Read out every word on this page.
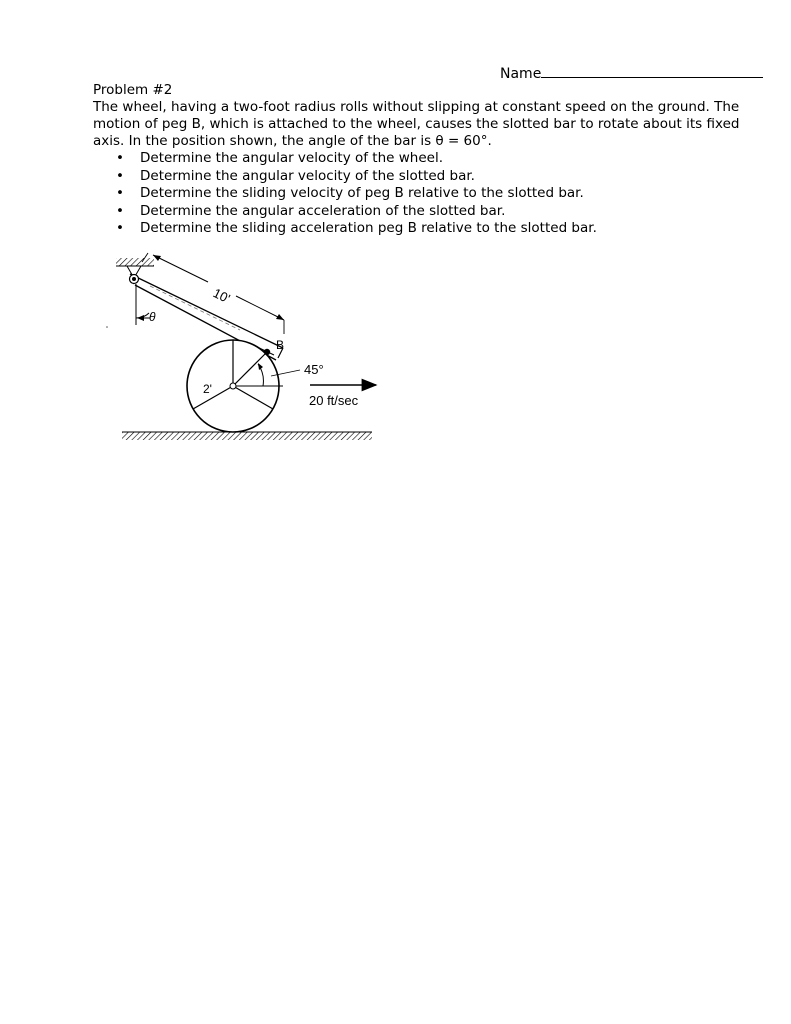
Name

Problem #2

The wheel, having a two-foot radius rolls without slipping at constant speed on the ground. The motion of peg B, which is attached to the wheel, causes the slotted bar to rotate about its fixed axis. In the position shown, the angle of the bar is θ = 60°.

• Determine the angular velocity of the wheel.
• Determine the angular velocity of the slotted bar.
• Determine the sliding velocity of peg B relative to the slotted bar.
• Determine the angular acceleration of the slotted bar.
• Determine the sliding acceleration peg B relative to the slotted bar.
θ
10'
2'
B
45°
20 ft/sec
